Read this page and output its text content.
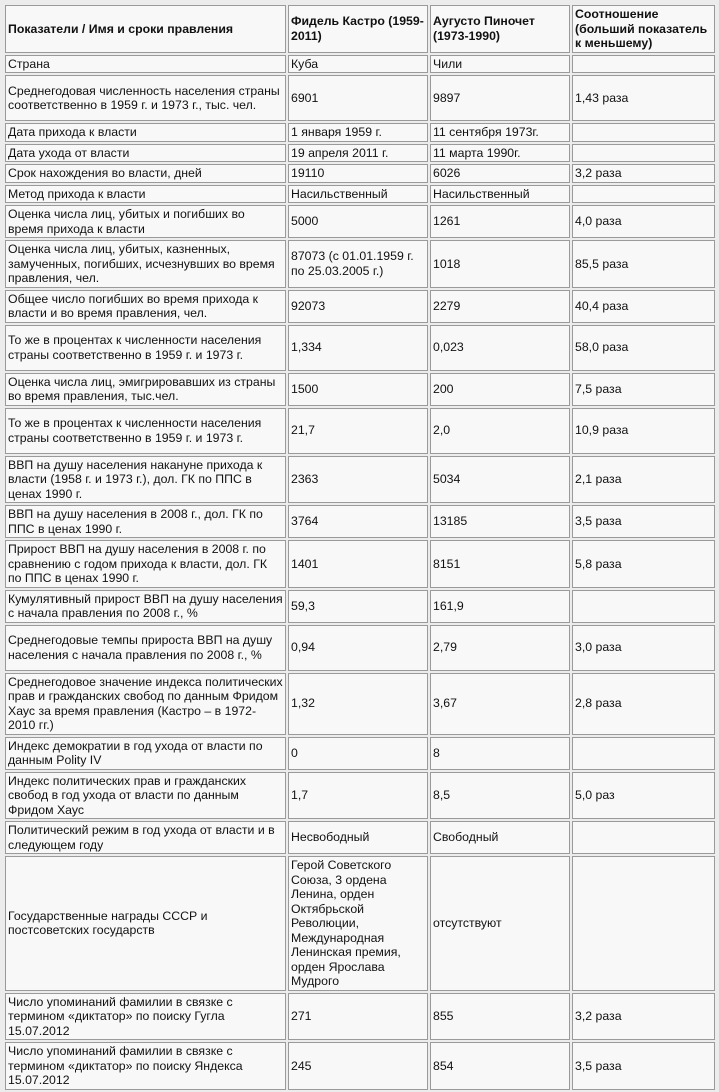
Показатели / Имя и сроки правления	Фидель Кастро (1959-2011)	Аугусто Пиночет (1973-1990)	Соотношение (больший показатель к меньшему)
Страна	Куба	Чили	
Среднегодовая численность населения страны соответственно в 1959 г. и 1973 г., тыс. чел.	6901	9897	1,43 раза
Дата прихода к власти	1 января 1959 г.	11 сентября 1973г.	
Дата ухода от власти	19 апреля 2011 г.	11 марта 1990г.	
Срок нахождения во власти, дней	19110	6026	3,2 раза
Метод прихода к власти	Насильственный	Насильственный	
Оценка числа лиц, убитых и погибших во время прихода к власти	5000	1261	4,0 раза
Оценка числа лиц, убитых, казненных, замученных, погибших, исчезнувших во время правления, чел.	87073 (с 01.01.1959 г. по 25.03.2005 г.)	1018	85,5 раза
Общее число погибших во время прихода к власти и во время правления, чел.	92073	2279	40,4 раза
То же в процентах к численности населения страны соответственно в 1959 г. и 1973 г.	1,334	0,023	58,0 раза
Оценка числа лиц, эмигрировавших из страны во время правления, тыс.чел.	1500	200	7,5 раза
То же в процентах к численности населения страны соответственно в 1959 г. и 1973 г.	21,7	2,0	10,9 раза
ВВП на душу населения накануне прихода к власти (1958 г. и 1973 г.), дол. ГК по ППС в ценах 1990 г.	2363	5034	2,1 раза
ВВП на душу населения в 2008 г., дол. ГК по ППС в ценах 1990 г.	3764	13185	3,5 раза
Прирост ВВП на душу населения в 2008 г. по сравнению с годом прихода к власти, дол. ГК по ППС в ценах 1990 г.	1401	8151	5,8 раза
Кумулятивный прирост ВВП на душу населения с начала правления по 2008 г., %	59,3	161,9	
Среднегодовые темпы прироста ВВП на душу населения с начала правления по 2008 г., %	0,94	2,79	3,0 раза
Среднегодовое значение индекса политических прав и гражданских свобод по данным Фридом Хаус за время правления (Кастро – в 1972-2010 гг.)	1,32	3,67	2,8 раза
Индекс демократии в год ухода от власти по данным Polity IV	0	8	
Индекс политических прав и гражданских свобод в год ухода от власти по данным Фридом Хаус	1,7	8,5	5,0 раз
Политический режим в год ухода от власти и в следующем году	Несвободный	Свободный	
Государственные награды СССР и постсоветских государств	Герой Советского Союза, 3 ордена Ленина, орден Октябрьской Революции, Международная Ленинская премия, орден Ярослава Мудрого	отсутствуют	
Число упоминаний фамилии в связке с термином «диктатор» по поиску Гугла 15.07.2012	271	855	3,2 раза
Число упоминаний фамилии в связке с термином «диктатор» по поиску Яндекса 15.07.2012	245	854	3,5 раза
